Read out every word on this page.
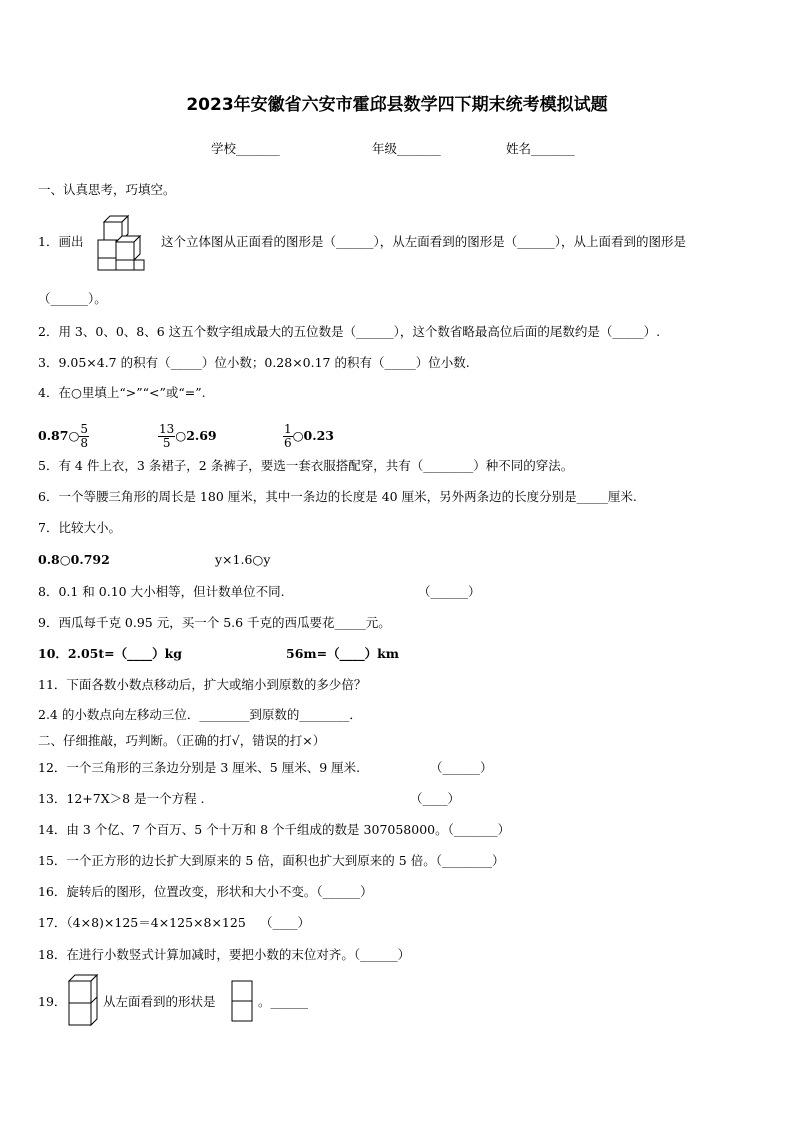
2023年安徽省六安市霍邱县数学四下期末统考模拟试题
学校_______	年级_______	姓名_______
一、认真思考，巧填空。
1．画出	这个立体图从正面看的图形是（______），从左面看到的图形是（______），从上面看到的图形是
（______）。
2．用 3、0、0、8、6 这五个数字组成最大的五位数是（______），这个数省略最高位后面的尾数约是（_____）.
3．9.05×4.7 的积有（_____）位小数；0.28×0.17 的积有（_____）位小数.
4．在○里填上“>”“<”或“=”.
0.87○ $\frac{5}{8}$	$\frac{13}{5}$ ○2.69	$\frac{1}{6}$ ○0.23
5．有 4 件上衣，3 条裙子，2 条裤子，要选一套衣服搭配穿，共有（________）种不同的穿法。
6．一个等腰三角形的周长是 180 厘米，其中一条边的长度是 40 厘米，另外两条边的长度分别是_____厘米.
7．比较大小。
0.8○0.792	y×1.6○y
8．0.1 和 0.10 大小相等，但计数单位不同.	（______）
9．西瓜每千克 0.95 元，买一个 5.6 千克的西瓜要花_____元。
10．2.05t=（____）kg	56m=（____）km
11．下面各数小数点移动后，扩大或缩小到原数的多少倍？
2.4 的小数点向左移动三位．________到原数的________．
二、仔细推敲，巧判断。（正确的打√，错误的打×）
12．一个三角形的三条边分别是 3 厘米、5 厘米、9 厘米.	（______）
13．12+7X＞8 是一个方程 .	（____）
14．由 3 个亿、7 个百万、5 个十万和 8 个千组成的数是 307058000。（_______）
15．一个正方形的边长扩大到原来的 5 倍，面积也扩大到原来的 5 倍。（________）
16．旋转后的图形，位置改变，形状和大小不变。（______）
17．（4×8)×125＝4×125×8×125 （____）
18．在进行小数竖式计算加减时，要把小数的末位对齐。（______）
19．	从左面看到的形状是	。______
